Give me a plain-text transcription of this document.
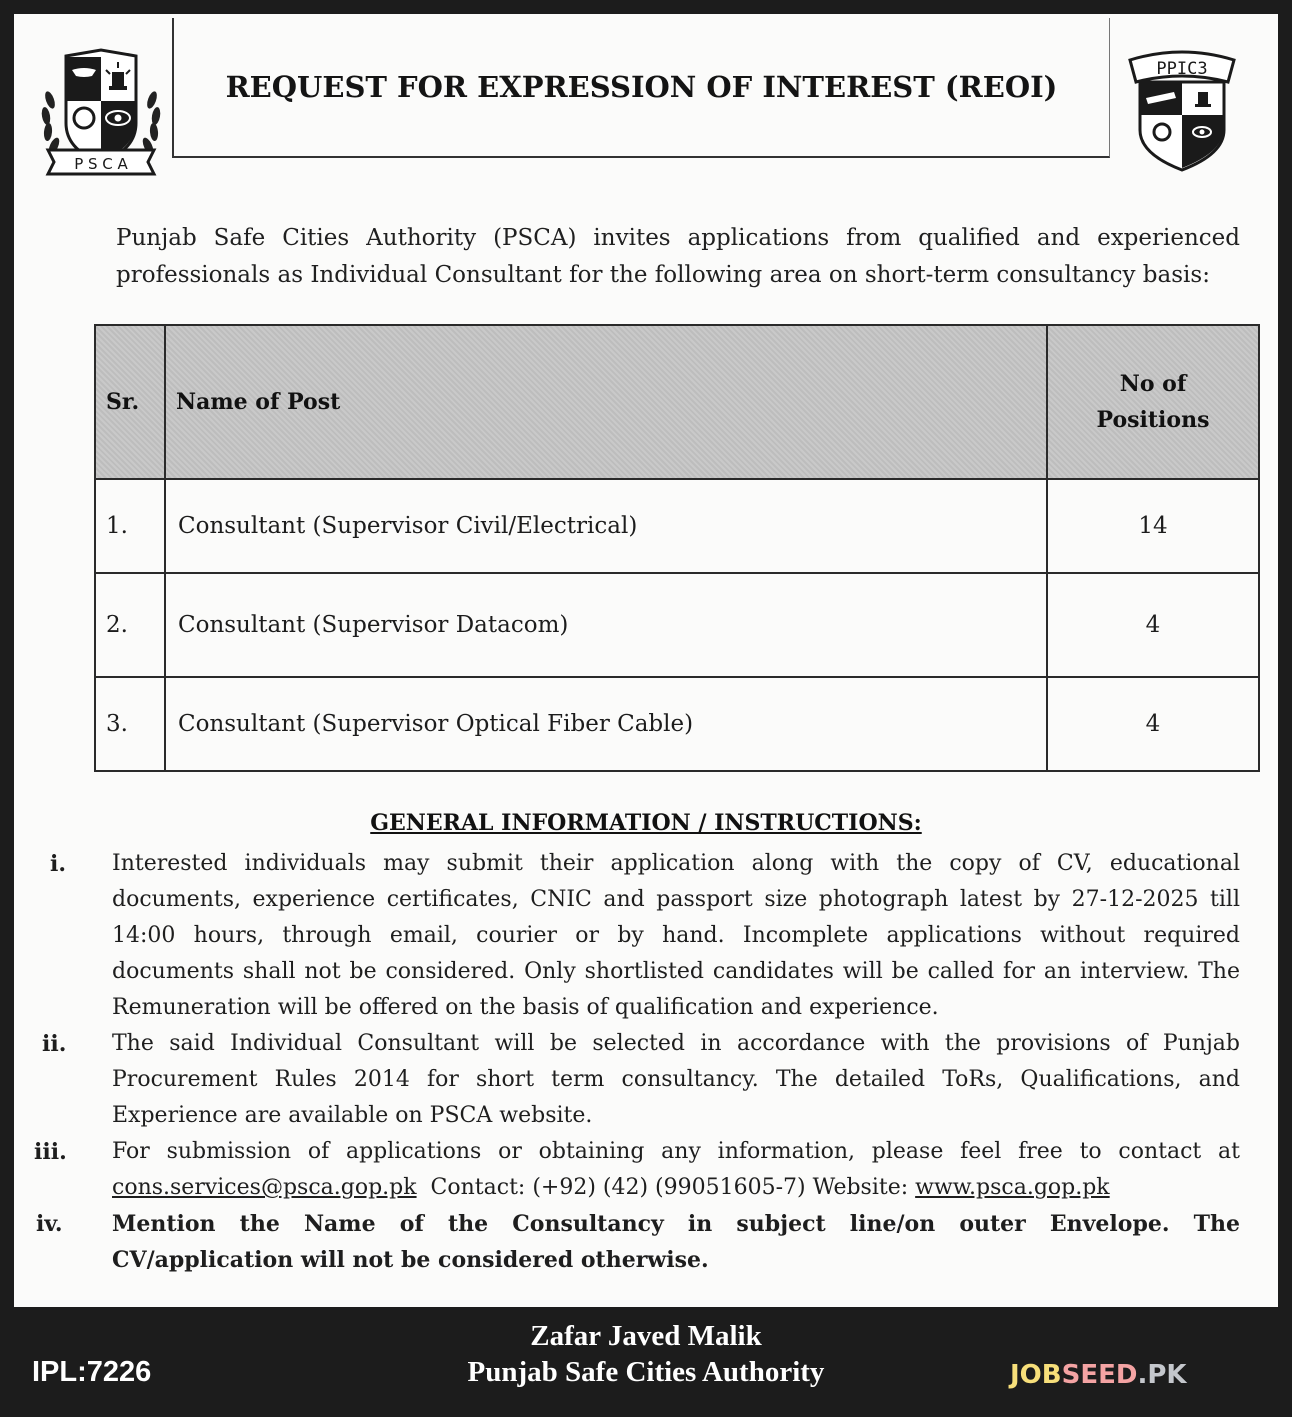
P S C A
REQUEST FOR EXPRESSION OF INTEREST (REOI)
PPIC3

Punjab Safe Cities Authority (PSCA) invites applications from qualified and experienced professionals as Individual Consultant for the following area on short-term consultancy basis:

Sr.	Name of Post	No of
Positions
1.	Consultant (Supervisor Civil/Electrical)	14
2.	Consultant (Supervisor Datacom)	4
3.	Consultant (Supervisor Optical Fiber Cable)	4
GENERAL INFORMATION / INSTRUCTIONS:
i.	Interested individuals may submit their application along with the copy of CV, educational documents, experience certificates, CNIC and passport size photograph latest by 27-12-2025 till 14:00 hours, through email, courier or by hand. Incomplete applications without required documents shall not be considered. Only shortlisted candidates will be called for an interview. The Remuneration will be offered on the basis of qualification and experience.
ii.	The said Individual Consultant will be selected in accordance with the provisions of Punjab Procurement Rules 2014 for short term consultancy. The detailed ToRs, Qualifications, and Experience are available on PSCA website.
iii.	For submission of applications or obtaining any information, please feel free to contact at cons.services@psca.gop.pk  Contact: (+92) (42) (99051605-7) Website: www.psca.gop.pk
iv.	Mention the Name of the Consultancy in subject line/on outer Envelope. The CV/application will not be considered otherwise.
JOBSEED.PK
Zafar Javed Malik
Punjab Safe Cities Authority
IPL:7226
